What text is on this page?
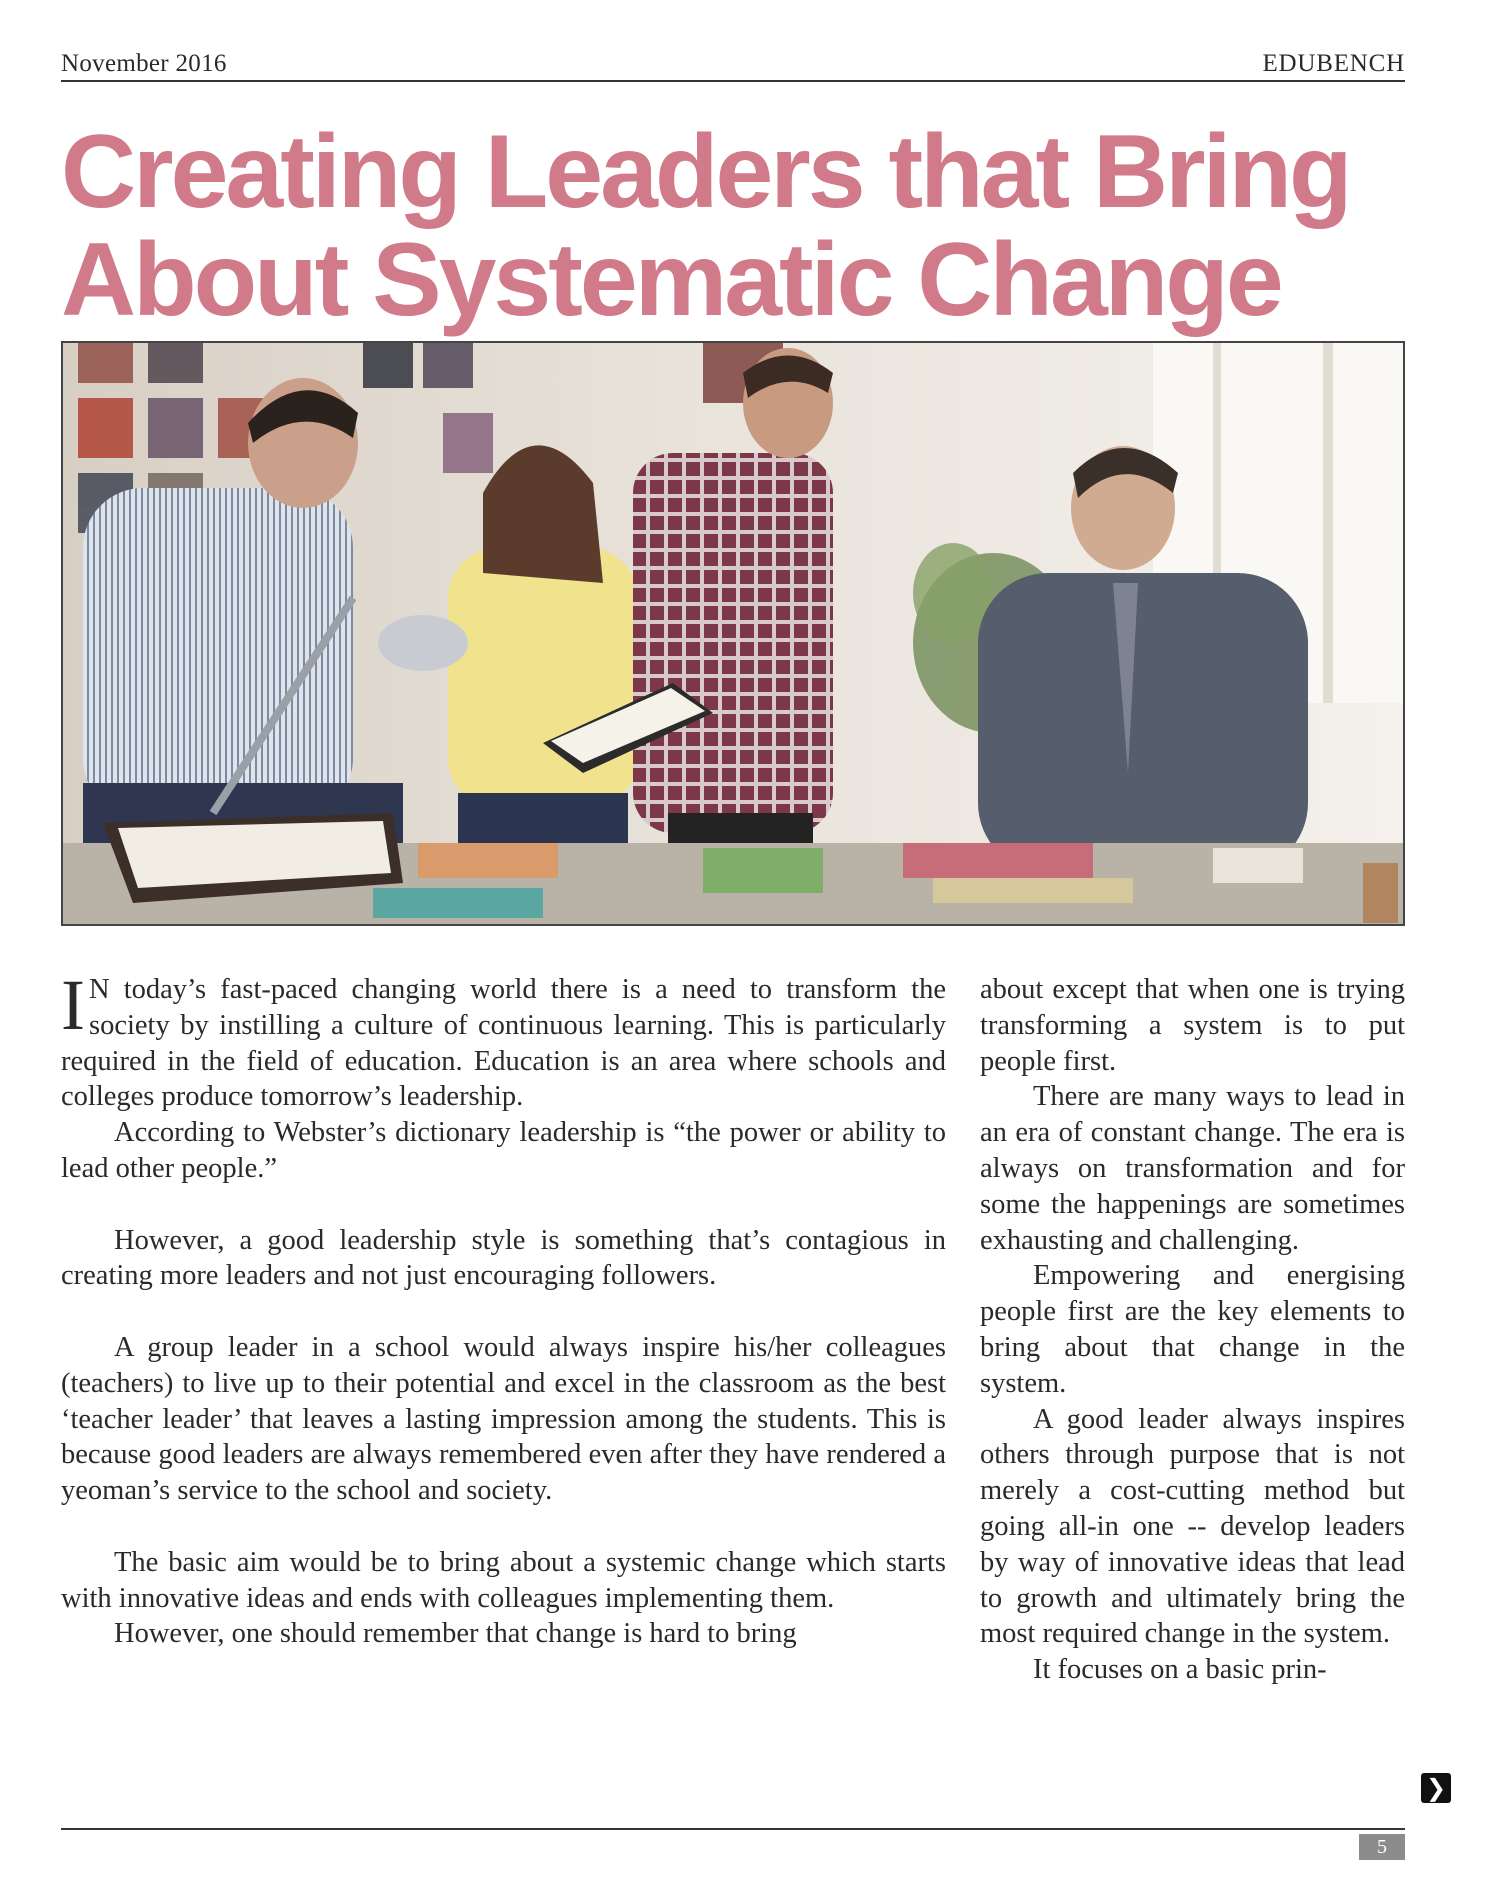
November 2016	EDUBENCH
Creating Leaders that Bring About Systematic Change

I N today’s fast-paced changing world there is a need to transform the society by instilling a culture of continuous learning. This is particularly required in the field of education. Education is an area where schools and colleges produce tomorrow’s leadership.

According to Webster’s dictionary leadership is “the power or ability to lead other people.”

However, a good leadership style is something that’s contagious in creating more leaders and not just encouraging followers.

A group leader in a school would always inspire his/her colleagues (teachers) to live up to their potential and excel in the classroom as the best ‘teacher leader’ that leaves a lasting impression among the students. This is because good leaders are always remembered even after they have rendered a yeoman’s service to the school and society.

The basic aim would be to bring about a systemic change which starts with innovative ideas and ends with colleagues implementing them.

However, one should remember that change is hard to bring

about except that when one is trying transforming a system is to put people first.

There are many ways to lead in an era of constant change. The era is always on transformation and for some the happenings are sometimes exhausting and challenging.

Empowering and energising people first are the key elements to bring about that change in the system.

A good leader always inspires others through purpose that is not merely a cost-cutting method but going all-in one -- develop leaders by way of innovative ideas that lead to growth and ultimately bring the most required change in the system.

It focuses on a basic prin-

❯
5
